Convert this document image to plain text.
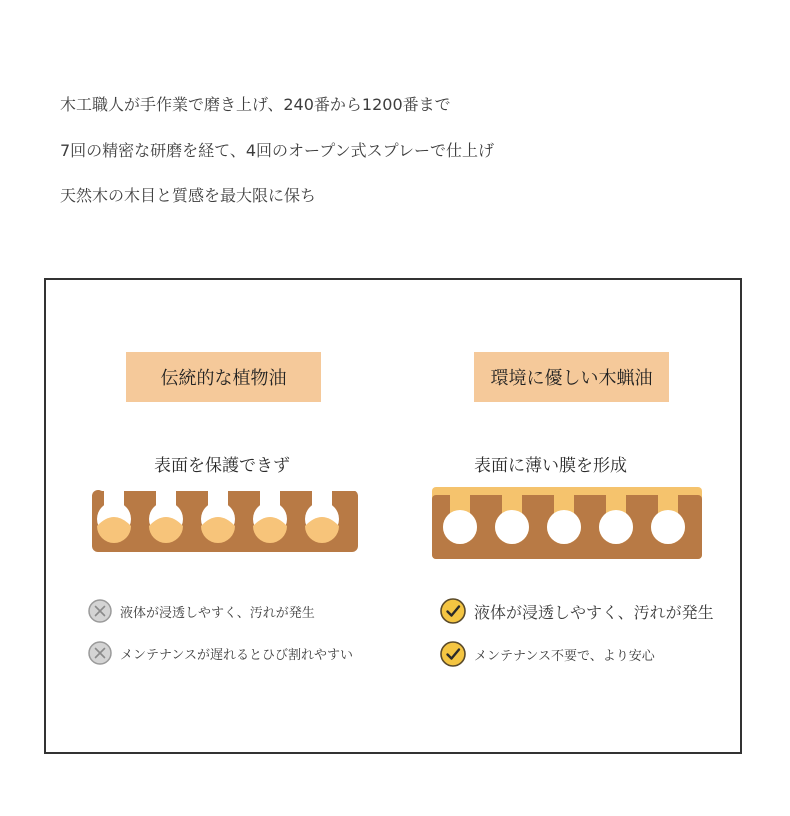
木工職人が手作業で磨き上げ、240番から1200番まで
7回の精密な研磨を経て、4回のオープン式スプレーで仕上げ
天然木の木目と質感を最大限に保ち
伝統的な植物油	環境に優しい木蝋油
表面を保護できず	表面に薄い膜を形成
液体が浸透しやすく、汚れが発生
メンテナンスが遅れるとひび割れやすい
液体が浸透しやすく、汚れが発生
メンテナンス不要で、より安心
